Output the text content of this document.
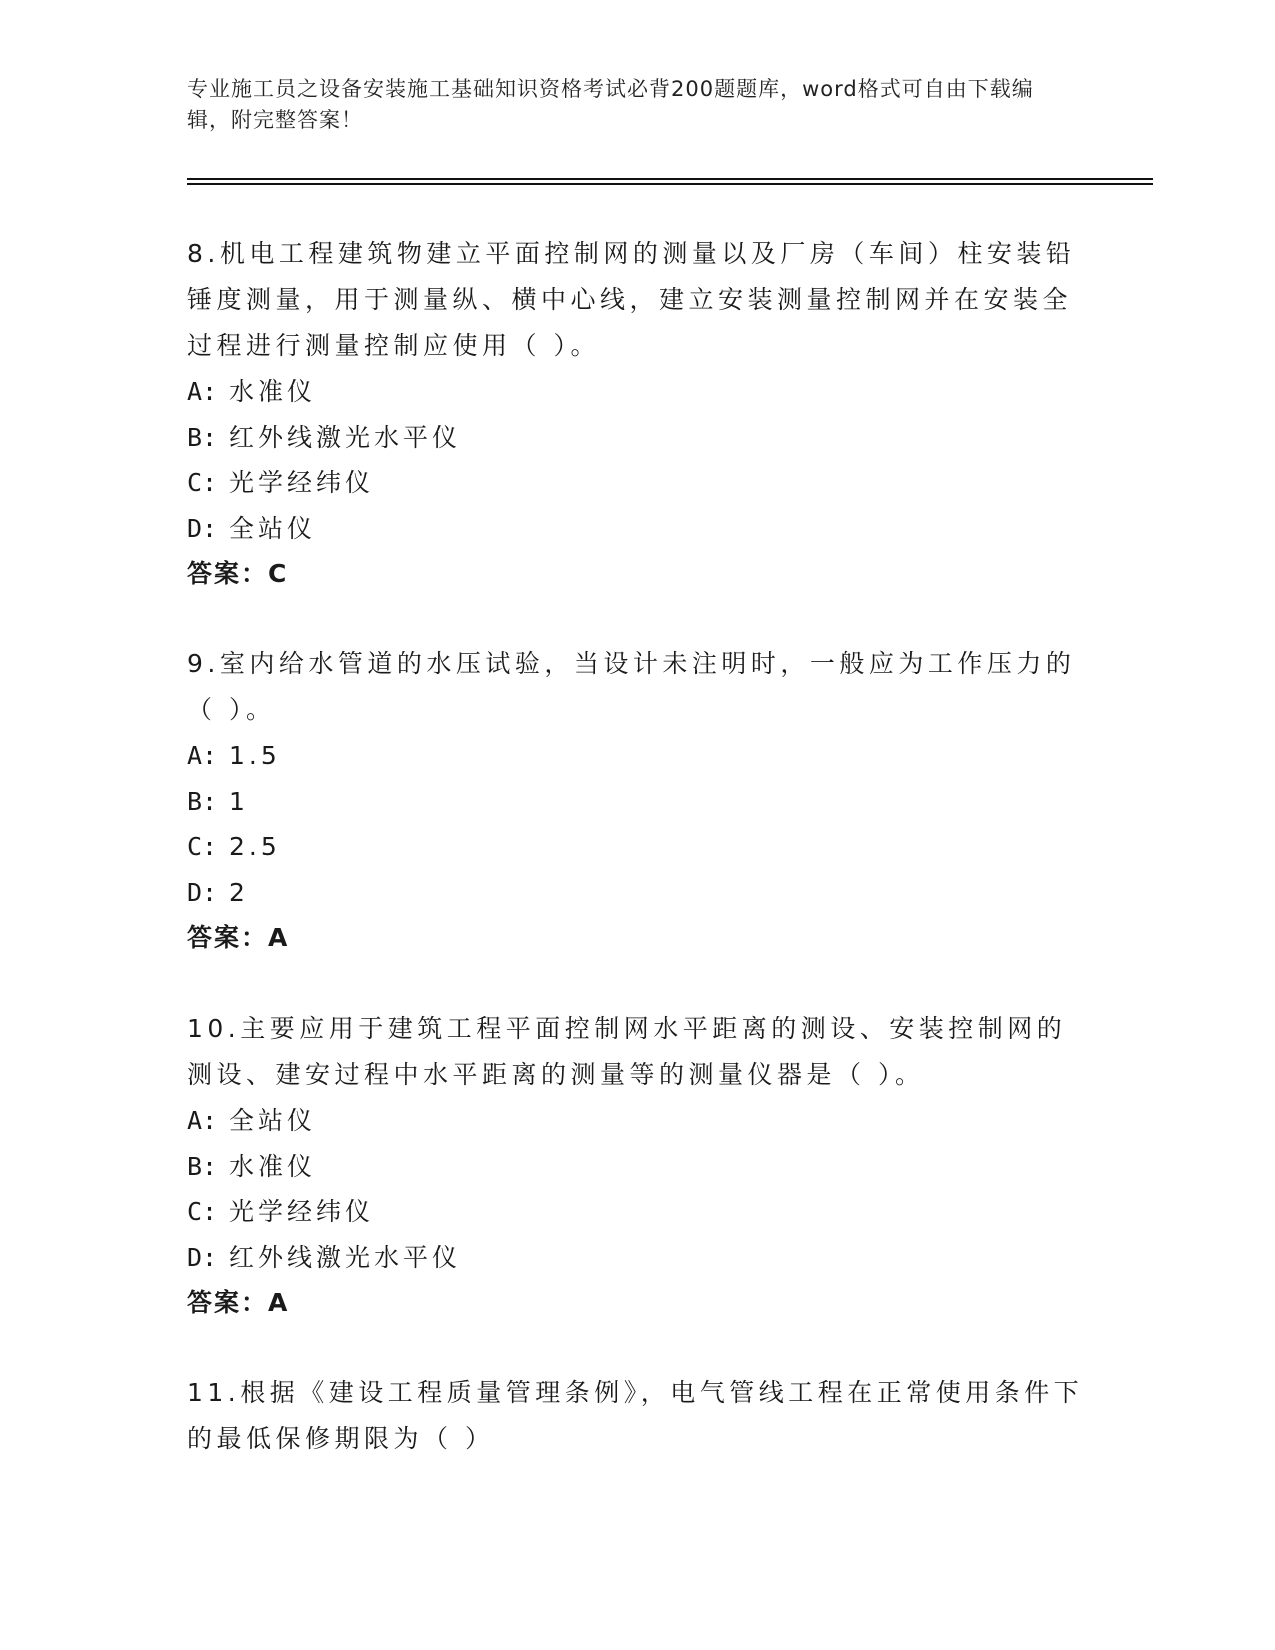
专业施工员之设备安装施工基础知识资格考试必背200题题库，word格式可自由下载编辑，附完整答案！

8.机电工程建筑物建立平面控制网的测量以及厂房（车间）柱安装铅锤度测量，用于测量纵、横中心线，建立安装测量控制网并在安装全过程进行测量控制应使用（ ）。

A: 水准仪

B: 红外线激光水平仪

C: 光学经纬仪

D: 全站仪

答案：C

9.室内给水管道的水压试验，当设计未注明时，一般应为工作压力的（ ）。

A: 1.5

B: 1

C: 2.5

D: 2

答案：A

10.主要应用于建筑工程平面控制网水平距离的测设、安装控制网的测设、建安过程中水平距离的测量等的测量仪器是（ ）。

A: 全站仪

B: 水准仪

C: 光学经纬仪

D: 红外线激光水平仪

答案：A

11.根据《建设工程质量管理条例》，电气管线工程在正常使用条件下的最低保修期限为（ ）
